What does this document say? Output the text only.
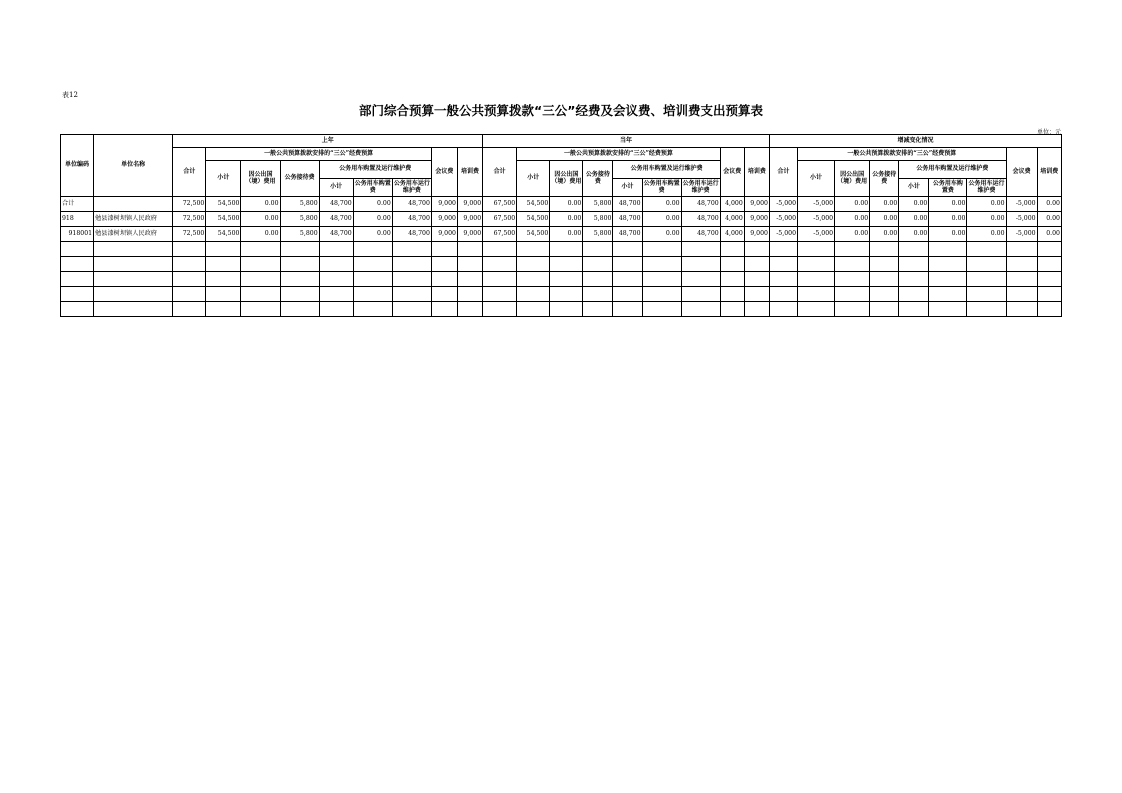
表12
部门综合预算一般公共预算拨款“三公”经费及会议费、培训费支出预算表
单位：元
单位编码	单位名称	上年									当年									增减变化情况								
		合计	一般公共预算拨款安排的“三公”经费预算						会议费	培训费	合计	一般公共预算拨款安排的“三公”经费预算						会议费	培训费	合计	一般公共预算拨款安排的“三公”经费预算						会议费	培训费
			小计	因公出国（境）费用	公务接待费	公务用车购置及运行维护费						小计	因公出国（境）费用	公务接待费	公务用车购置及运行维护费						小计	因公出国（境）费用	公务接待费	公务用车购置及运行维护费				
						小计	公务用车购置费	公务用车运行维护费							小计	公务用车购置费	公务用车运行维护费							小计	公务用车购置费	公务用车运行维护费		
合计		72,500	54,500	0.00	5,800	48,700	0.00	48,700	9,000	9,000	67,500	54,500	0.00	5,800	48,700	0.00	48,700	4,000	9,000	-5,000	-5,000	0.00	0.00	0.00	0.00	0.00	-5,000	0.00
918	勉县漆树坝镇人民政府	72,500	54,500	0.00	5,800	48,700	0.00	48,700	9,000	9,000	67,500	54,500	0.00	5,800	48,700	0.00	48,700	4,000	9,000	-5,000	-5,000	0.00	0.00	0.00	0.00	0.00	-5,000	0.00
918001	勉县漆树坝镇人民政府	72,500	54,500	0.00	5,800	48,700	0.00	48,700	9,000	9,000	67,500	54,500	0.00	5,800	48,700	0.00	48,700	4,000	9,000	-5,000	-5,000	0.00	0.00	0.00	0.00	0.00	-5,000	0.00
